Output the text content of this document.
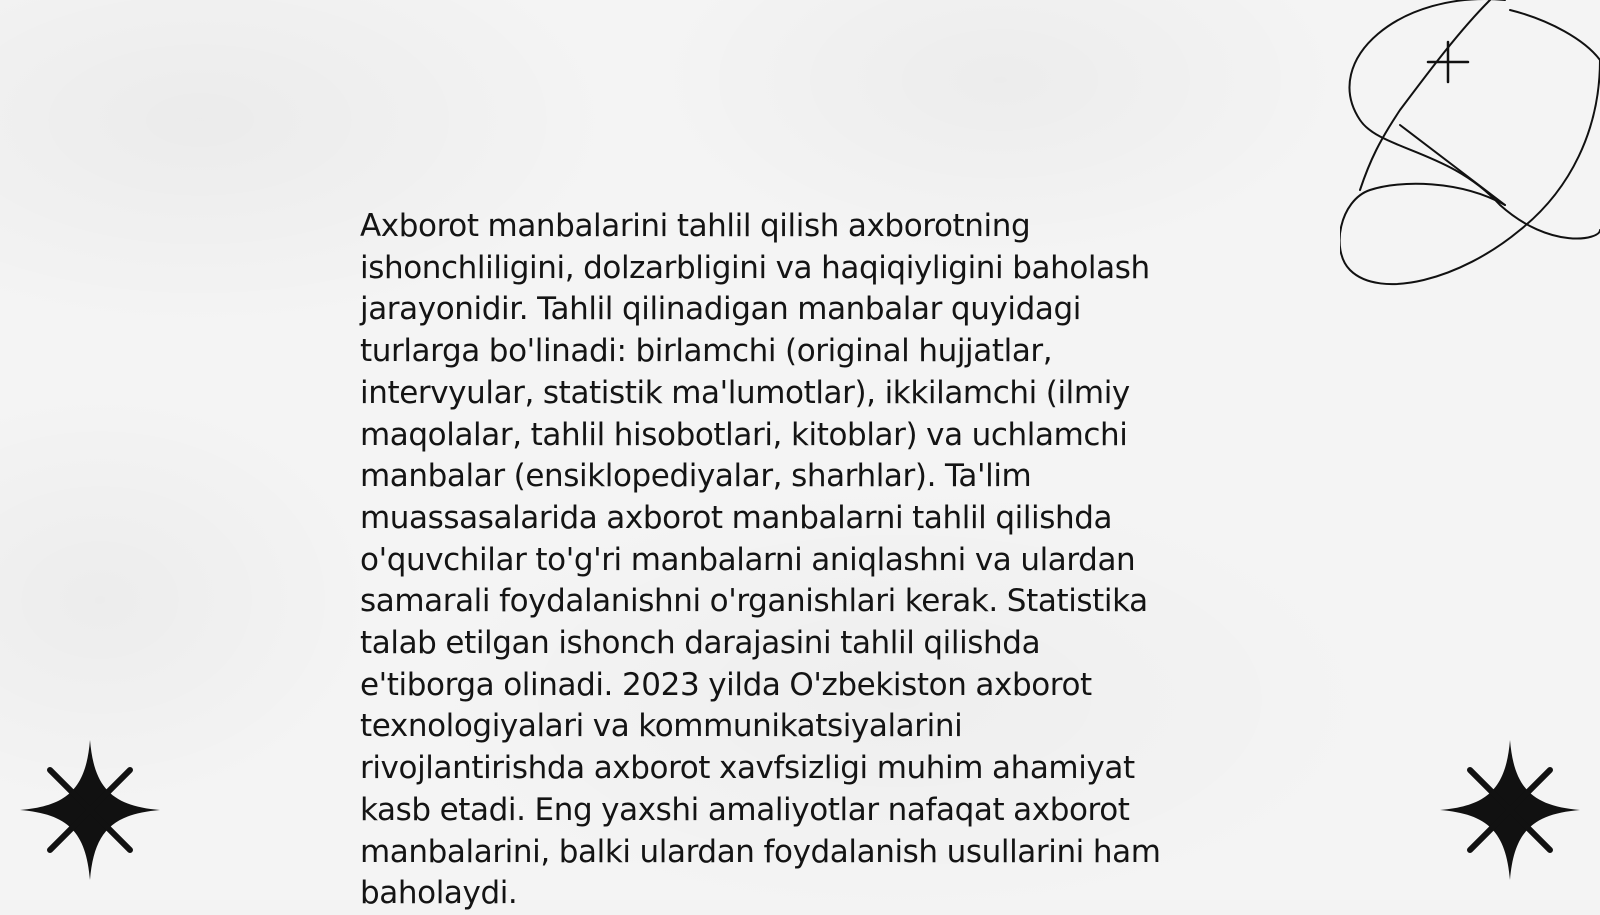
Axborot manbalarini tahlil qilish axborotning
ishonchliligini, dolzarbligini va haqiqiyligini baholash
jarayonidir. Tahlil qilinadigan manbalar quyidagi
turlarga bo'linadi: birlamchi (original hujjatlar,
intervyular, statistik ma'lumotlar), ikkilamchi (ilmiy
maqolalar, tahlil hisobotlari, kitoblar) va uchlamchi
manbalar (ensiklopediyalar, sharhlar). Ta'lim
muassasalarida axborot manbalarni tahlil qilishda
o'quvchilar to'g'ri manbalarni aniqlashni va ulardan
samarali foydalanishni o'rganishlari kerak. Statistika
talab etilgan ishonch darajasini tahlil qilishda
e'tiborga olinadi. 2023 yilda O'zbekiston axborot
texnologiyalari va kommunikatsiyalarini
rivojlantirishda axborot xavfsizligi muhim ahamiyat
kasb etadi. Eng yaxshi amaliyotlar nafaqat axborot
manbalarini, balki ulardan foydalanish usullarini ham
baholaydi.
